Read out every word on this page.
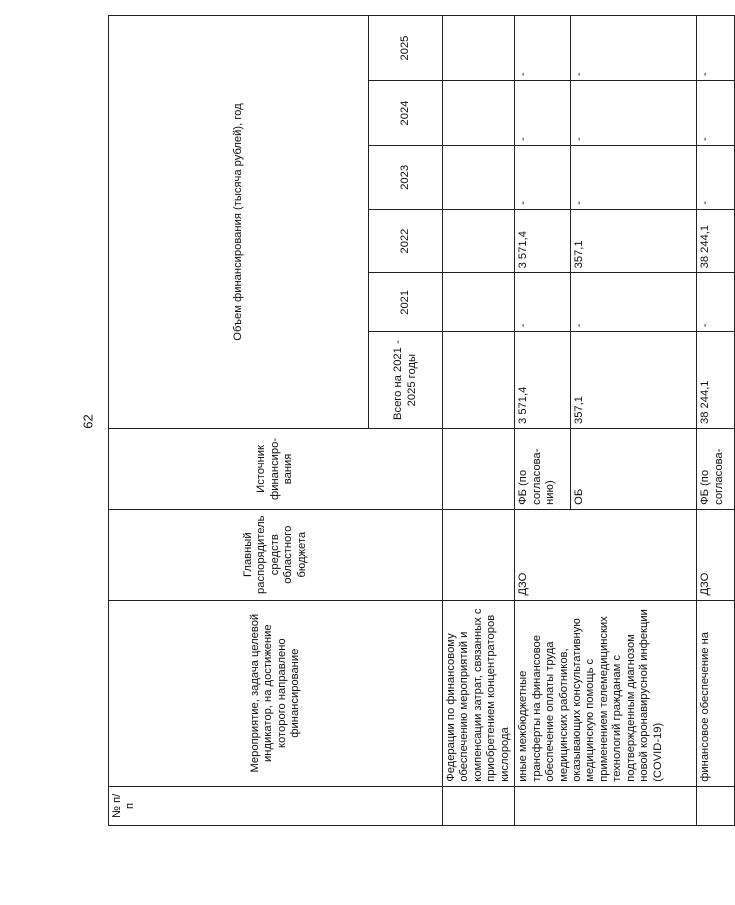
62
№ п/п	Мероприятие, задача целевой индикатор, на достижение которого направлено финансирование	Главный распорядитель средств областного бюджета	Источник финансиро-вания	Объем финансирования (тысяча рублей), год					
				Всего на 2021 - 2025 годы	2021	2022	2023	2024	2025
	Федерации по финансовому обеспечению мероприятий и компенсации затрат, связанных с приобретением концентраторов кислорода								
	иные межбюджетные трансферты на финансовое обеспечение оплаты труда медицинских работников, оказывающих консультативную медицинскую помощь с применением телемедицинских технологий гражданам с подтвержденным диагнозом новой коронавирусной инфекции (COVID-19)	ДЗО	ФБ (по согласова-нию)	3 571,4	-	3 571,4	-	-	-
			ОБ	357,1	-	357,1	-	-	-
	финансовое обеспечение на	ДЗО	ФБ (по согласова-	38 244,1	-	38 244,1	-	-	-
